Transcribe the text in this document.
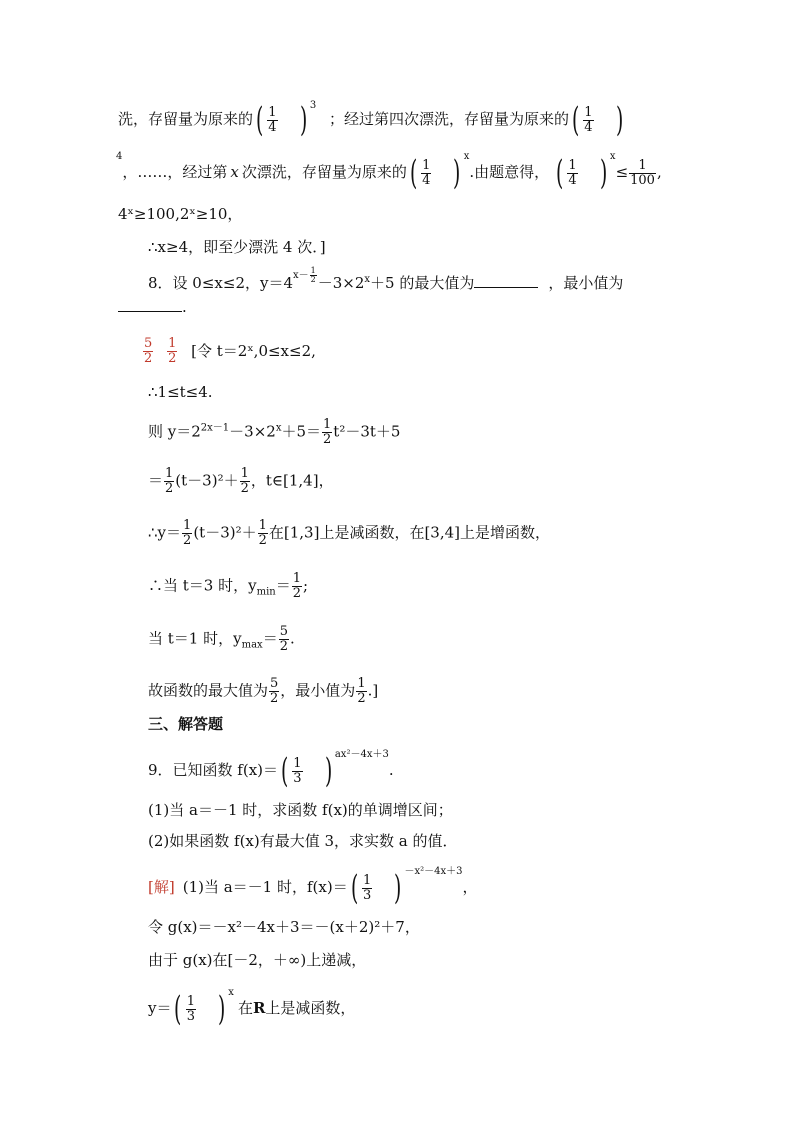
洗，存留量为原来的( $\frac{1}{4}$ ) $^3$ ；经过第四次漂洗，存留量为原来的( $\frac{1}{4}$ )
$^4$，……，经过第 x 次漂洗，存留量为原来的( $\frac{1}{4}$ ) $^x$.由题意得， ( $\frac{1}{4}$ ) $^x\le \frac{1}{100}$ ,
4ˣ≥100,2ˣ≥10，
∴x≥4，即至少漂洗 4 次．]
8．设 0≤x≤2，$y=4^{x- \frac{1}{2}} -3\times 2^x+5$ 的最大值为	，最小值为
.
$\frac{5}{2}$
$\frac{1}{2}$ [令 t＝2ˣ,0≤x≤2,
∴1≤t≤4.
则 $y=2^{2x-1}-3\times 2^x+5= \frac{1}{2} t^2-3t+5$
＝ $\frac{1}{2} (t-3)^2+ \frac{1}{2}$ ，t∈[1,4]，
∴y＝ $\frac{1}{2} (t-3)^2+ \frac{1}{2}$ 在[1,3]上是减函数，在[3,4]上是增函数，
∴当 t＝3 时，$y_{min}= \frac{1}{2}$ ;
当 t＝1 时，$y_{max}= \frac{5}{2}$ .
故函数的最大值为 $\frac{5}{2}$ ，最小值为 $\frac{1}{2}$ .]
三、解答题
9．已知函数 $f(x)=( \frac{1}{3}$ ) $^{ax^2-4x+3}$.
(1)当 a＝－1 时，求函数 f(x)的单调增区间；
(2)如果函数 f(x)有最大值 3，求实数 a 的值．
[解] (1)当 a＝－1 时，$f(x)=( \frac{1}{3}$ ) $^{-x^2-4x+3}$，
令 g(x)＝－x²－4x＋3＝－(x＋2)²＋7，
由于 g(x)在[－2，＋∞)上递减，
$y=( \frac{1}{3}$ ) $^x$在R上是减函数，
